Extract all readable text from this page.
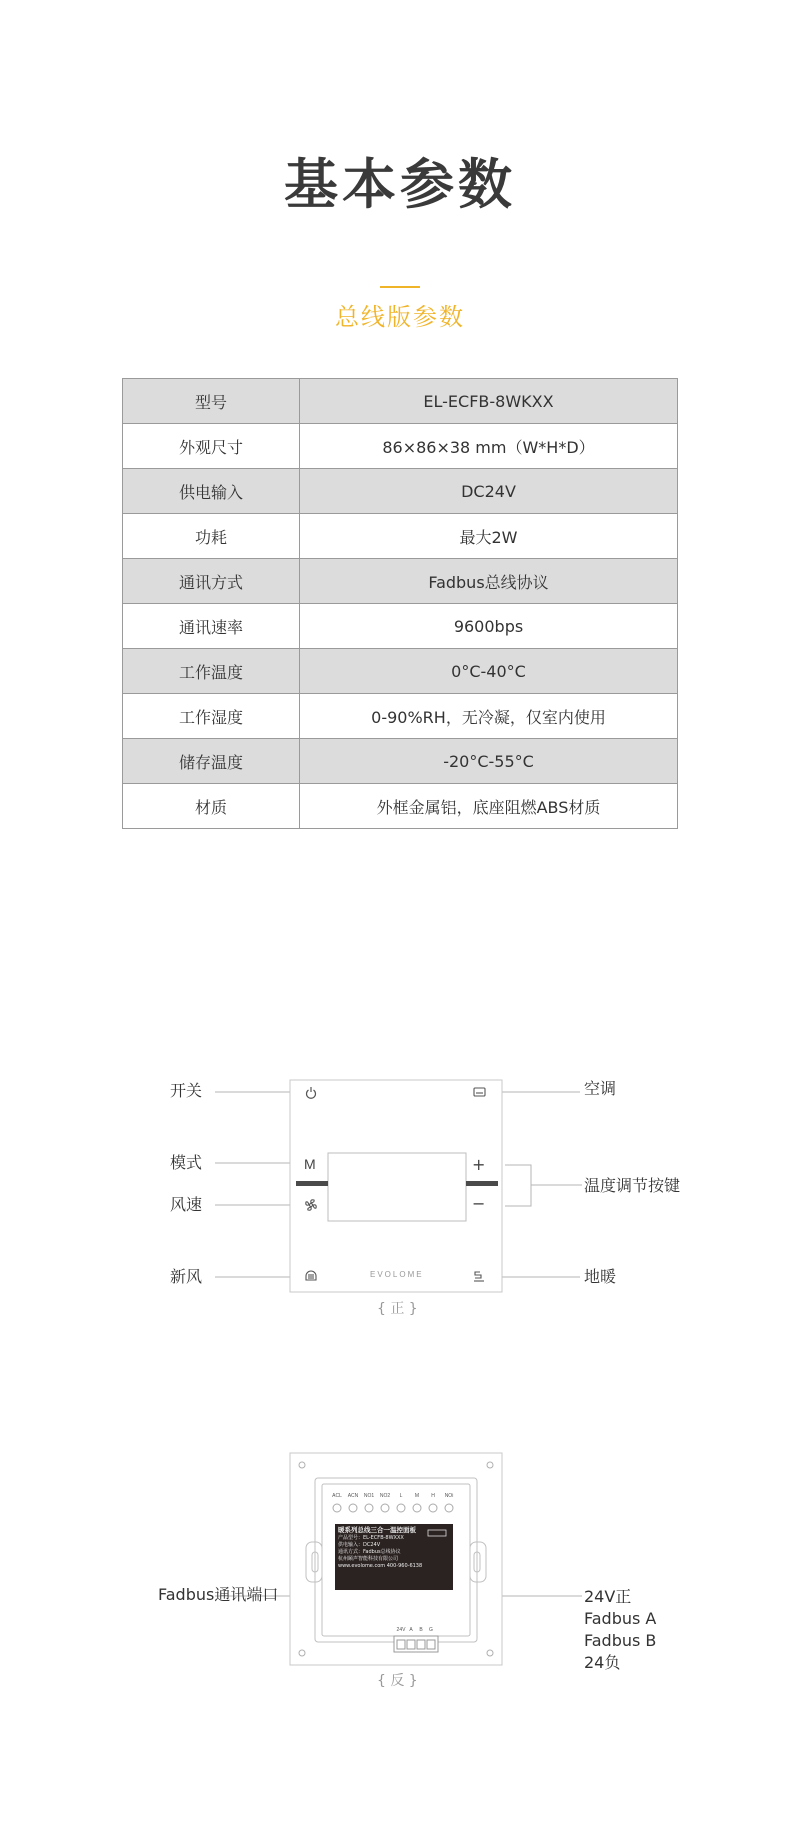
基本参数
总线版参数
型号	EL-ECFB-8WKXX
外观尺寸	86×86×38 mm（W*H*D）
供电输入	DC24V
功耗	最大2W
通讯方式	Fadbus总线协议
通讯速率	9600bps
工作温度	0°C-40°C
工作湿度	0-90%RH，无冷凝，仅室内使用
储存温度	-20°C-55°C
材质	外框金属铝，底座阻燃ABS材质
开关
模式
风速
新风
空调
温度调节按键
地暖
M	+
−
EVOLOME
{ 正 }
ACL	ACN	NO1	NO2	L	M	H	NOi
24V A	B	G
暖系列总线三合一温控面板
产品型号：EL-ECFB-8WXXX
供电输入：DC24V
通讯方式：Fadbus总线协议
杭州颐声智能科技有限公司
www.evolome.com 400-960-6138
Fadbus通讯端口	24V正
Fadbus A
Fadbus B
24负
{ 反 }
